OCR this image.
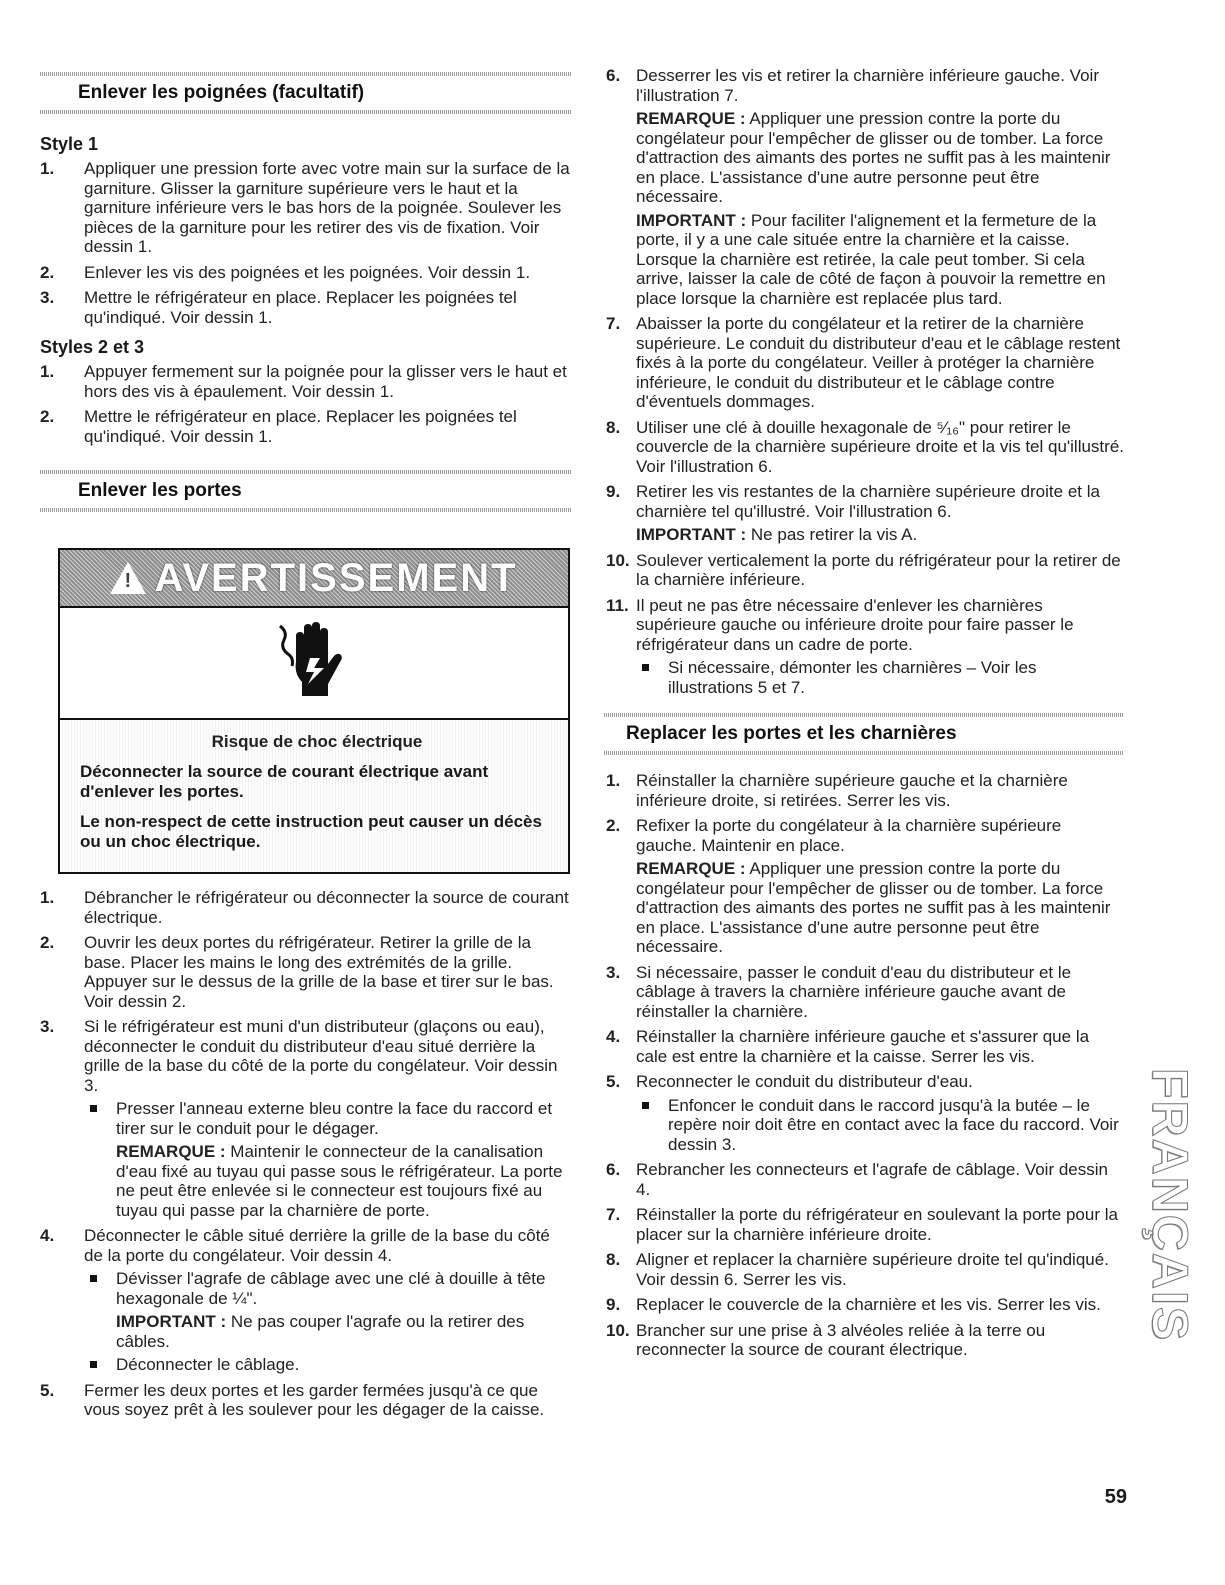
Enlever les poignées (facultatif)
Style 1
1. Appliquer une pression forte avec votre main sur la surface de la garniture. Glisser la garniture supérieure vers le haut et la garniture inférieure vers le bas hors de la poignée. Soulever les pièces de la garniture pour les retirer des vis de fixation. Voir dessin 1.
2. Enlever les vis des poignées et les poignées. Voir dessin 1.
3. Mettre le réfrigérateur en place. Replacer les poignées tel qu'indiqué. Voir dessin 1.
Styles 2 et 3
1. Appuyer fermement sur la poignée pour la glisser vers le haut et hors des vis à épaulement. Voir dessin 1.
2. Mettre le réfrigérateur en place. Replacer les poignées tel qu'indiqué. Voir dessin 1.
Enlever les portes
! AVERTISSEMENT
Risque de choc électrique
Déconnecter la source de courant électrique avant d'enlever les portes.
Le non-respect de cette instruction peut causer un décès ou un choc électrique.
1. Débrancher le réfrigérateur ou déconnecter la source de courant électrique.
2. Ouvrir les deux portes du réfrigérateur. Retirer la grille de la base. Placer les mains le long des extrémités de la grille. Appuyer sur le dessus de la grille de la base et tirer sur le bas. Voir dessin 2.
3. Si le réfrigérateur est muni d'un distributeur (glaçons ou eau), déconnecter le conduit du distributeur d'eau situé derrière la grille de la base du côté de la porte du congélateur. Voir dessin 3.
Presser l'anneau externe bleu contre la face du raccord et tirer sur le conduit pour le dégager.
REMARQUE : Maintenir le connecteur de la canalisation d'eau fixé au tuyau qui passe sous le réfrigérateur. La porte ne peut être enlevée si le connecteur est toujours fixé au tuyau qui passe par la charnière de porte.
4. Déconnecter le câble situé derrière la grille de la base du côté de la porte du congélateur. Voir dessin 4.
Dévisser l'agrafe de câblage avec une clé à douille à tête hexagonale de ¼".
IMPORTANT : Ne pas couper l'agrafe ou la retirer des câbles.
Déconnecter le câblage.
5. Fermer les deux portes et les garder fermées jusqu'à ce que vous soyez prêt à les soulever pour les dégager de la caisse.
6. Desserrer les vis et retirer la charnière inférieure gauche. Voir l'illustration 7.
REMARQUE : Appliquer une pression contre la porte du congélateur pour l'empêcher de glisser ou de tomber. La force d'attraction des aimants des portes ne suffit pas à les maintenir en place. L'assistance d'une autre personne peut être nécessaire.
IMPORTANT : Pour faciliter l'alignement et la fermeture de la porte, il y a une cale située entre la charnière et la caisse. Lorsque la charnière est retirée, la cale peut tomber. Si cela arrive, laisser la cale de côté de façon à pouvoir la remettre en place lorsque la charnière est replacée plus tard.
7. Abaisser la porte du congélateur et la retirer de la charnière supérieure. Le conduit du distributeur d'eau et le câblage restent fixés à la porte du congélateur. Veiller à protéger la charnière inférieure, le conduit du distributeur et le câblage contre d'éventuels dommages.
8. Utiliser une clé à douille hexagonale de ⁵⁄₁₆" pour retirer le couvercle de la charnière supérieure droite et la vis tel qu'illustré. Voir l'illustration 6.
9. Retirer les vis restantes de la charnière supérieure droite et la charnière tel qu'illustré. Voir l'illustration 6.
IMPORTANT : Ne pas retirer la vis A.
10. Soulever verticalement la porte du réfrigérateur pour la retirer de la charnière inférieure.
11. Il peut ne pas être nécessaire d'enlever les charnières supérieure gauche ou inférieure droite pour faire passer le réfrigérateur dans un cadre de porte.
Si nécessaire, démonter les charnières – Voir les illustrations 5 et 7.
Replacer les portes et les charnières
1. Réinstaller la charnière supérieure gauche et la charnière inférieure droite, si retirées. Serrer les vis.
2. Refixer la porte du congélateur à la charnière supérieure gauche. Maintenir en place.
REMARQUE : Appliquer une pression contre la porte du congélateur pour l'empêcher de glisser ou de tomber. La force d'attraction des aimants des portes ne suffit pas à les maintenir en place. L'assistance d'une autre personne peut être nécessaire.
3. Si nécessaire, passer le conduit d'eau du distributeur et le câblage à travers la charnière inférieure gauche avant de réinstaller la charnière.
4. Réinstaller la charnière inférieure gauche et s'assurer que la cale est entre la charnière et la caisse. Serrer les vis.
5. Reconnecter le conduit du distributeur d'eau.
Enfoncer le conduit dans le raccord jusqu'à la butée – le repère noir doit être en contact avec la face du raccord. Voir dessin 3.
6. Rebrancher les connecteurs et l'agrafe de câblage. Voir dessin 4.
7. Réinstaller la porte du réfrigérateur en soulevant la porte pour la placer sur la charnière inférieure droite.
8. Aligner et replacer la charnière supérieure droite tel qu'indiqué. Voir dessin 6. Serrer les vis.
9. Replacer le couvercle de la charnière et les vis. Serrer les vis.
10. Brancher sur une prise à 3 alvéoles reliée à la terre ou reconnecter la source de courant électrique.
FRANÇAIS
59
